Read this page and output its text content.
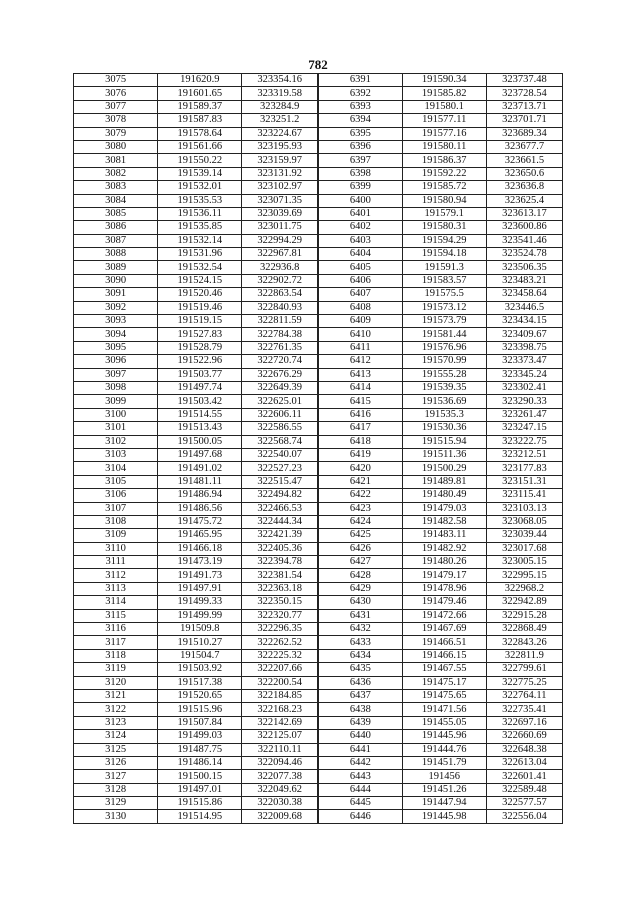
782
3075	191620.9	323354.16	6391	191590.34	323737.48
3076	191601.65	323319.58	6392	191585.82	323728.54
3077	191589.37	323284.9	6393	191580.1	323713.71
3078	191587.83	323251.2	6394	191577.11	323701.71
3079	191578.64	323224.67	6395	191577.16	323689.34
3080	191561.66	323195.93	6396	191580.11	323677.7
3081	191550.22	323159.97	6397	191586.37	323661.5
3082	191539.14	323131.92	6398	191592.22	323650.6
3083	191532.01	323102.97	6399	191585.72	323636.8
3084	191535.53	323071.35	6400	191580.94	323625.4
3085	191536.11	323039.69	6401	191579.1	323613.17
3086	191535.85	323011.75	6402	191580.31	323600.86
3087	191532.14	322994.29	6403	191594.29	323541.46
3088	191531.96	322967.81	6404	191594.18	323524.78
3089	191532.54	322936.8	6405	191591.3	323506.35
3090	191524.15	322902.72	6406	191583.57	323483.21
3091	191520.46	322863.54	6407	191575.5	323458.64
3092	191519.46	322840.93	6408	191573.12	323446.5
3093	191519.15	322811.59	6409	191573.79	323434.15
3094	191527.83	322784.38	6410	191581.44	323409.67
3095	191528.79	322761.35	6411	191576.96	323398.75
3096	191522.96	322720.74	6412	191570.99	323373.47
3097	191503.77	322676.29	6413	191555.28	323345.24
3098	191497.74	322649.39	6414	191539.35	323302.41
3099	191503.42	322625.01	6415	191536.69	323290.33
3100	191514.55	322606.11	6416	191535.3	323261.47
3101	191513.43	322586.55	6417	191530.36	323247.15
3102	191500.05	322568.74	6418	191515.94	323222.75
3103	191497.68	322540.07	6419	191511.36	323212.51
3104	191491.02	322527.23	6420	191500.29	323177.83
3105	191481.11	322515.47	6421	191489.81	323151.31
3106	191486.94	322494.82	6422	191480.49	323115.41
3107	191486.56	322466.53	6423	191479.03	323103.13
3108	191475.72	322444.34	6424	191482.58	323068.05
3109	191465.95	322421.39	6425	191483.11	323039.44
3110	191466.18	322405.36	6426	191482.92	323017.68
3111	191473.19	322394.78	6427	191480.26	323005.15
3112	191491.73	322381.54	6428	191479.17	322995.15
3113	191497.91	322363.18	6429	191478.96	322968.2
3114	191499.33	322350.15	6430	191479.46	322942.89
3115	191499.99	322320.77	6431	191472.66	322915.28
3116	191509.8	322296.35	6432	191467.69	322868.49
3117	191510.27	322262.52	6433	191466.51	322843.26
3118	191504.7	322225.32	6434	191466.15	322811.9
3119	191503.92	322207.66	6435	191467.55	322799.61
3120	191517.38	322200.54	6436	191475.17	322775.25
3121	191520.65	322184.85	6437	191475.65	322764.11
3122	191515.96	322168.23	6438	191471.56	322735.41
3123	191507.84	322142.69	6439	191455.05	322697.16
3124	191499.03	322125.07	6440	191445.96	322660.69
3125	191487.75	322110.11	6441	191444.76	322648.38
3126	191486.14	322094.46	6442	191451.79	322613.04
3127	191500.15	322077.38	6443	191456	322601.41
3128	191497.01	322049.62	6444	191451.26	322589.48
3129	191515.86	322030.38	6445	191447.94	322577.57
3130	191514.95	322009.68	6446	191445.98	322556.04
